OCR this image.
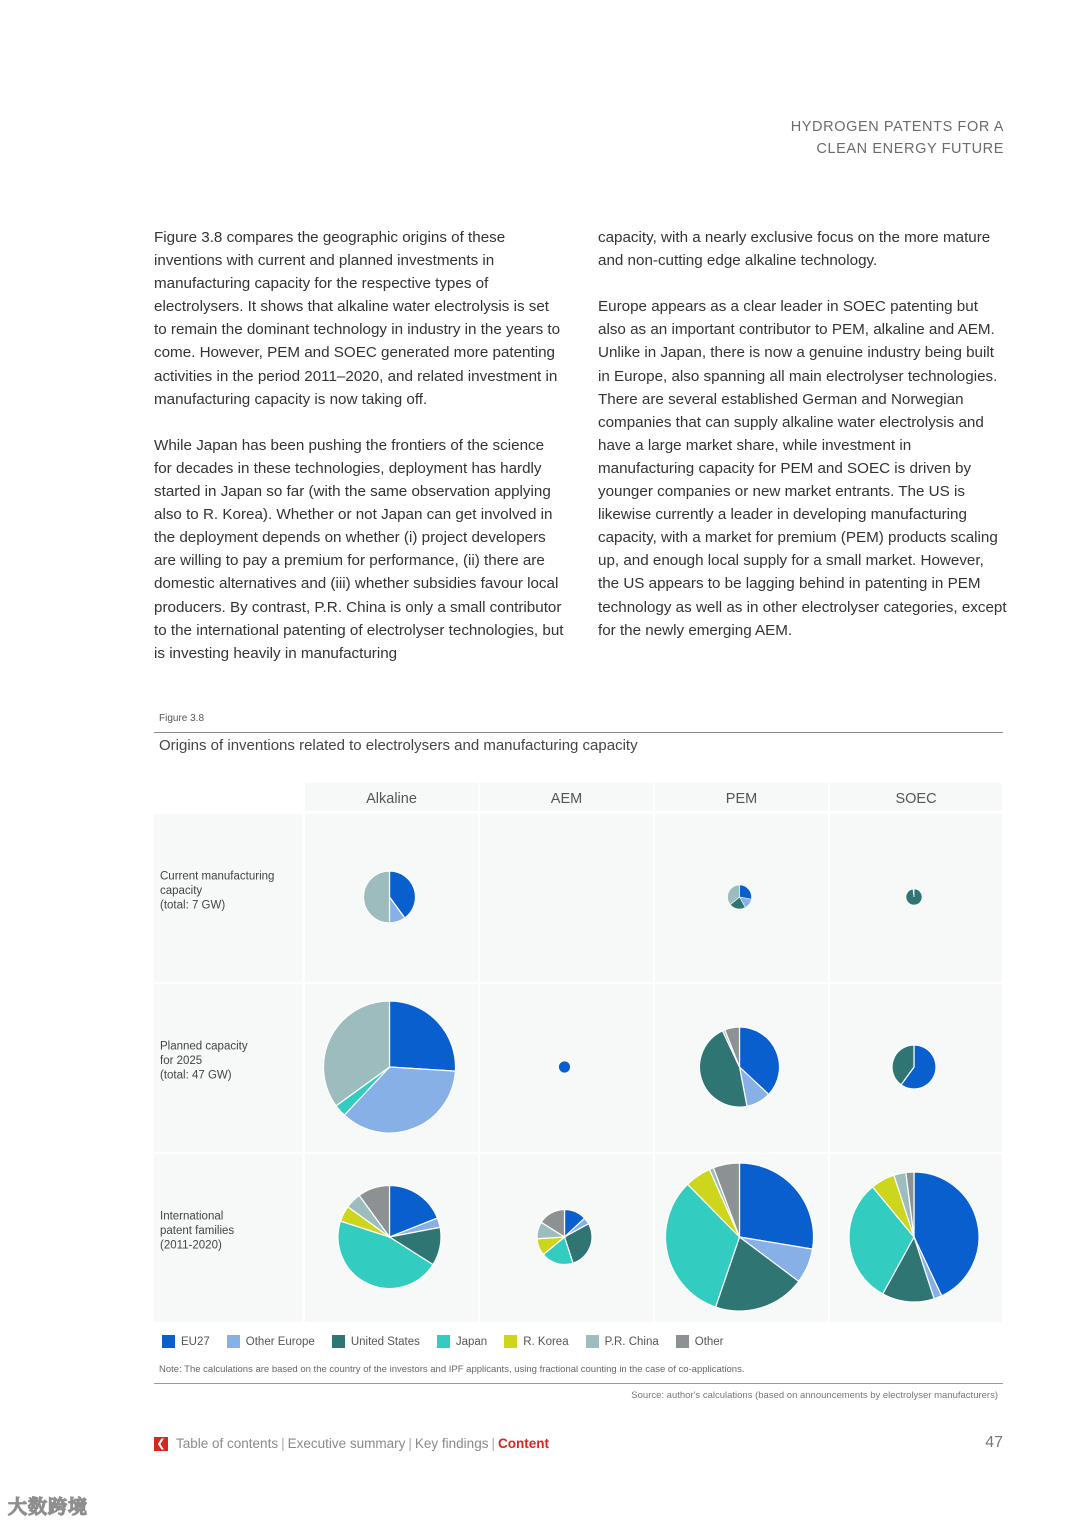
HYDROGEN PATENTS FOR A
CLEAN ENERGY FUTURE

Figure 3.8 compares the geographic origins of these inventions with current and planned investments in manufacturing capacity for the respective types of electrolysers. It shows that alkaline water electrolysis is set to remain the dominant technology in industry in the years to come. However, PEM and SOEC generated more patenting activities in the period 2011–2020, and related investment in manufacturing capacity is now taking off.

While Japan has been pushing the frontiers of the science for decades in these technologies, deployment has hardly started in Japan so far (with the same observation applying also to R. Korea). Whether or not Japan can get involved in the deployment depends on whether (i) project developers are willing to pay a premium for performance, (ii) there are domestic alternatives and (iii) whether subsidies favour local producers. By contrast, P.R. China is only a small contributor to the international patenting of electrolyser technologies, but is investing heavily in manufacturing

capacity, with a nearly exclusive focus on the more mature and non-cutting edge alkaline technology.

Europe appears as a clear leader in SOEC patenting but also as an important contributor to PEM, alkaline and AEM. Unlike in Japan, there is now a genuine industry being built in Europe, also spanning all main electrolyser technologies. There are several established German and Norwegian companies that can supply alkaline water electrolysis and have a large market share, while investment in manufacturing capacity for PEM and SOEC is driven by younger companies or new market entrants. The US is likewise currently a leader in developing manufacturing capacity, with a market for premium (PEM) products scaling up, and enough local supply for a small market. However, the US appears to be lagging behind in patenting in PEM technology as well as in other electrolyser categories, except for the newly emerging AEM.

Figure 3.8
Origins of inventions related to electrolysers and manufacturing capacity
Alkaline	AEM	PEM	SOEC
Current manufacturing
capacity
(total: 7 GW)
Planned capacity
for 2025
(total: 47 GW)
International
patent families
(2011-2020)
EU27	Other Europe	United States	Japan	R. Korea	P.R. China	Other
Note: The calculations are based on the country of the investors and IPF applicants, using fractional counting in the case of co-applications.
Source: author's calculations (based on announcements by electrolyser manufacturers)
❮ Table of contents | Executive summary | Key findings | Content	47
大数跨境
